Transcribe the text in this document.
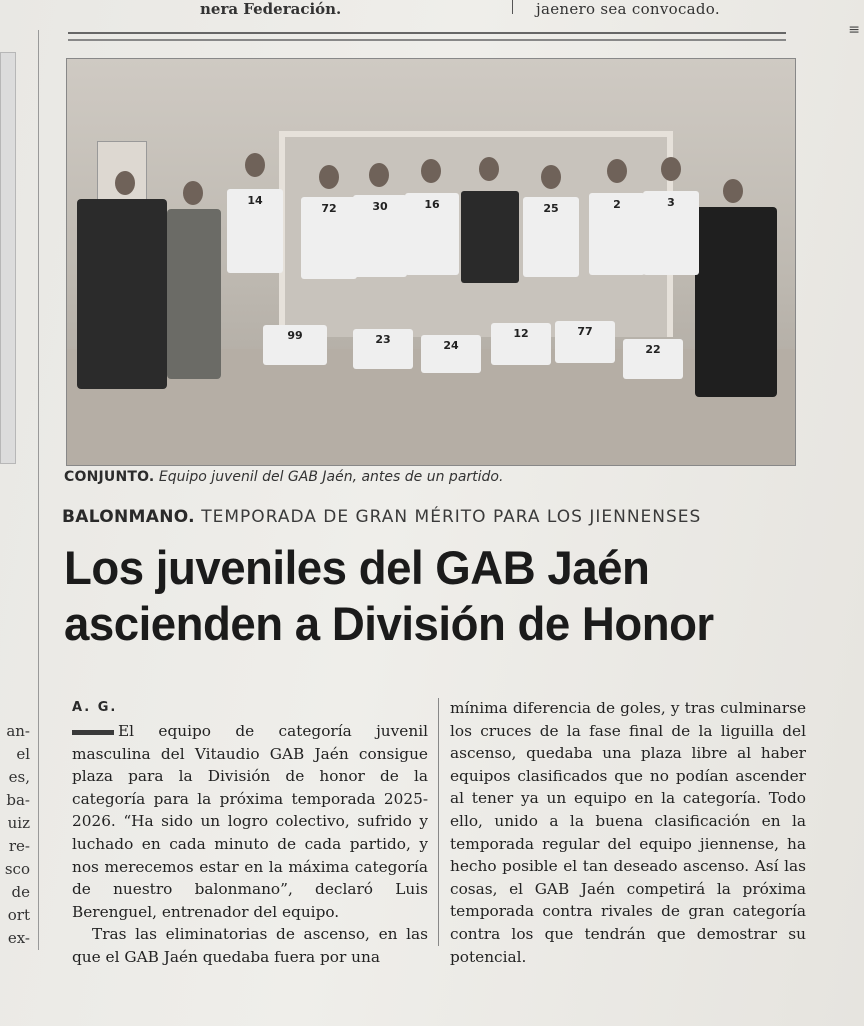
nera Federación.	jaenero sea convocado.
≡
an-
el
es,
ba-
uiz
re-
sco
de
ort
ex-
14
72	30	16	25	2	3
99	23	24
12	77
22
CONJUNTO. Equipo juvenil del GAB Jaén, antes de un partido.
BALONMANO. TEMPORADA DE GRAN MÉRITO PARA LOS JIENNENSES
Los juveniles del GAB Jaén
ascienden a División de Honor
A. G.

El equipo de categoría juvenil masculina del Vitaudio GAB Jaén consigue plaza para la División de honor de la categoría para la próxima temporada 2025-2026. “Ha sido un logro colectivo, sufrido y luchado en cada minuto de cada partido, y nos merecemos estar en la máxima categoría de nuestro balonmano”, declaró Luis Berenguel, entrenador del equipo.

Tras las eliminatorias de ascenso, en las que el GAB Jaén quedaba fuera por una

mínima diferencia de goles, y tras culminarse los cruces de la fase final de la liguilla del ascenso, quedaba una plaza libre al haber equipos clasificados que no podían ascender al tener ya un equipo en la categoría. Todo ello, unido a la buena clasificación en la temporada regular del equipo jiennense, ha hecho posible el tan deseado ascenso. Así las cosas, el GAB Jaén competirá la próxima temporada contra rivales de gran categoría contra los que tendrán que demostrar su potencial.
